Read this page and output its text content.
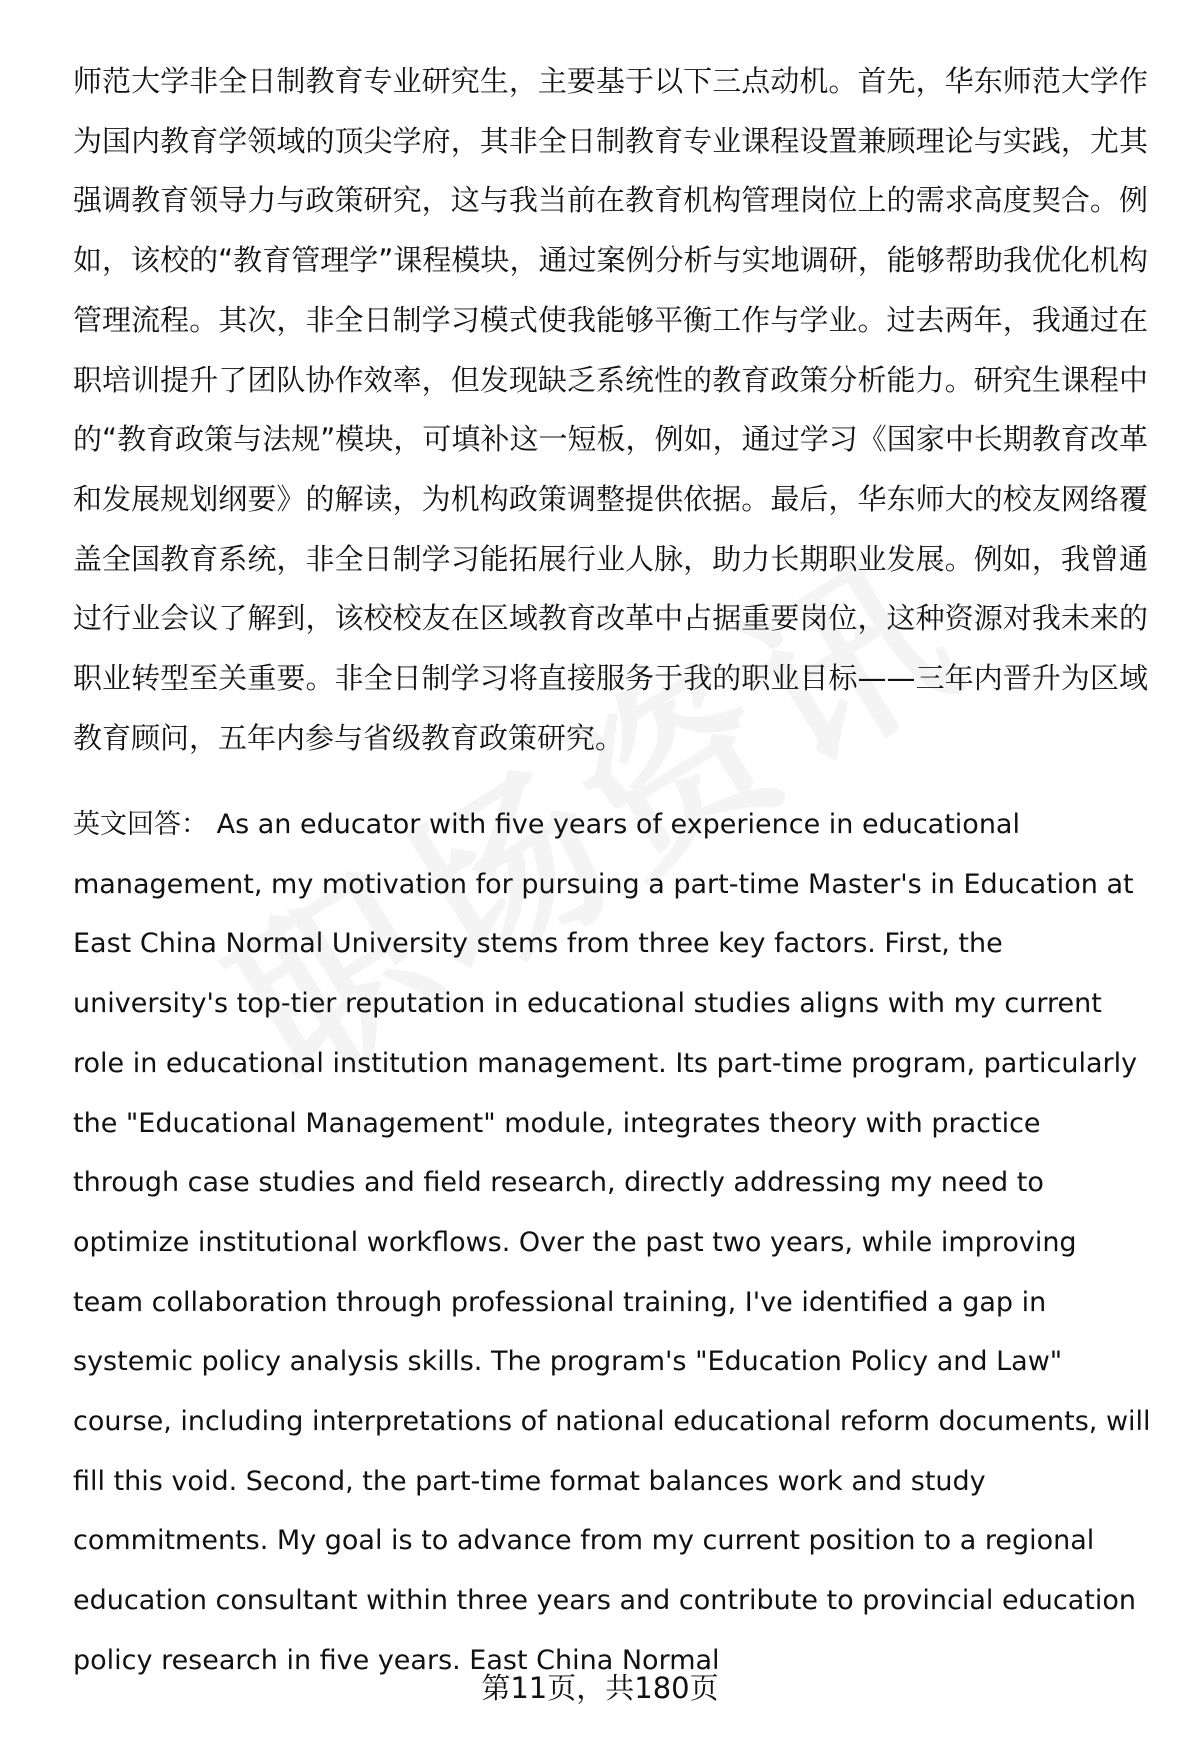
师范大学非全日制教育专业研究生，主要基于以下三点动机。首先，华东师范大学作为国内教育学领域的顶尖学府，其非全日制教育专业课程设置兼顾理论与实践，尤其强调教育领导力与政策研究，这与我当前在教育机构管理岗位上的需求高度契合。例如，该校的“教育管理学”课程模块，通过案例分析与实地调研，能够帮助我优化机构管理流程。其次，非全日制学习模式使我能够平衡工作与学业。过去两年，我通过在职培训提升了团队协作效率，但发现缺乏系统性的教育政策分析能力。研究生课程中的“教育政策与法规”模块，可填补这一短板，例如，通过学习《国家中长期教育改革和发展规划纲要》的解读，为机构政策调整提供依据。最后，华东师大的校友网络覆盖全国教育系统，非全日制学习能拓展行业人脉，助力长期职业发展。例如，我曾通过行业会议了解到，该校校友在区域教育改革中占据重要岗位，这种资源对我未来的职业转型至关重要。非全日制学习将直接服务于我的职业目标——三年内晋升为区域教育顾问，五年内参与省级教育政策研究。

英文回答： As an educator with five years of experience in educational management, my motivation for pursuing a part-time Master's in Education at East China Normal University stems from three key factors. First, the university's top-tier reputation in educational studies aligns with my current role in educational institution management. Its part-time program, particularly the "Educational Management" module, integrates theory with practice through case studies and field research, directly addressing my need to optimize institutional workflows. Over the past two years, while improving team collaboration through professional training, I've identified a gap in systemic policy analysis skills. The program's "Education Policy and Law" course, including interpretations of national educational reform documents, will fill this void. Second, the part-time format balances work and study commitments. My goal is to advance from my current position to a regional education consultant within three years and contribute to provincial education policy research in five years. East China Normal

第11页，共180页
